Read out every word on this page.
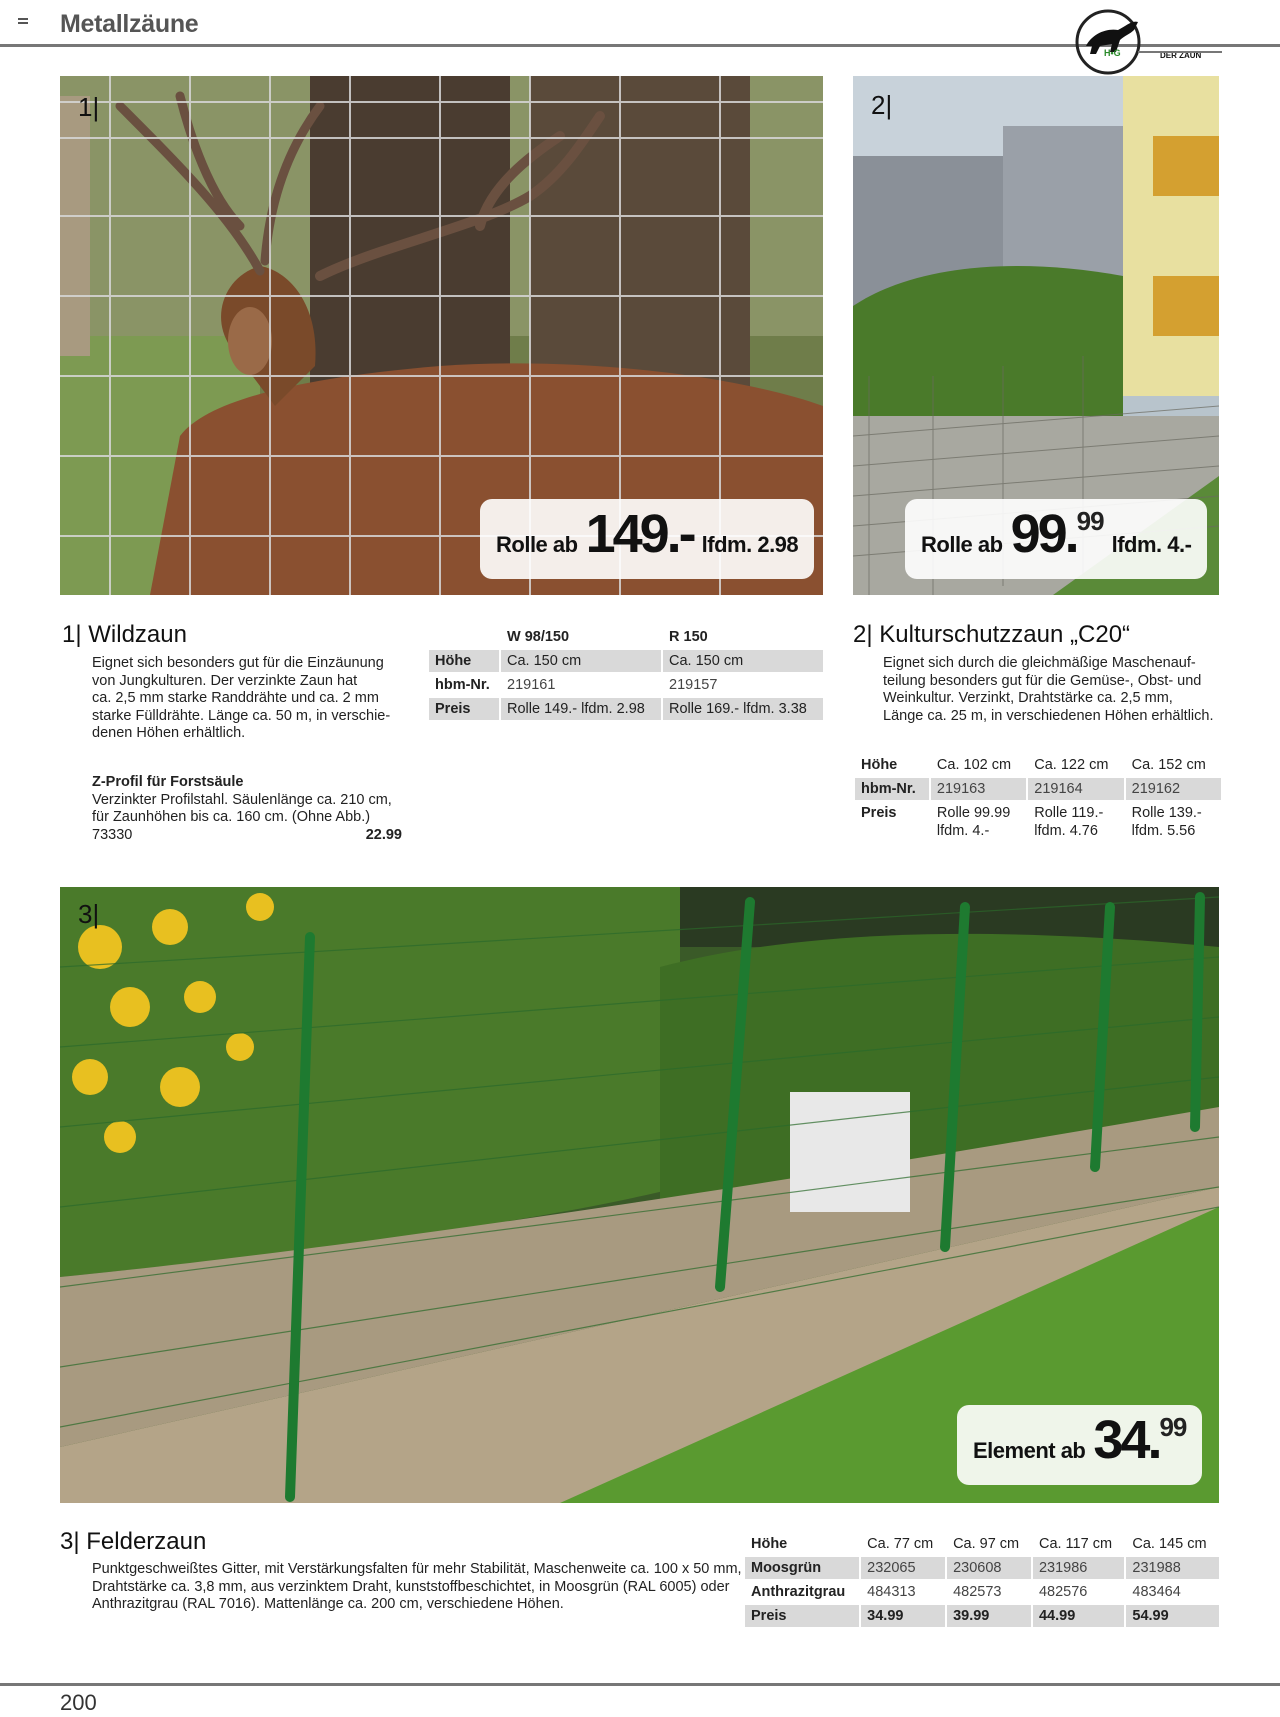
Metallzäune
H•G	DER ZAUN
1|
Rolle ab 149.- lfdm. 2.98
2|
Rolle ab 99. 99
lfdm. 4.-
1| Wildzaun
Eignet sich besonders gut für die Einzäunung
von Jungkulturen. Der verzinkte Zaun hat
ca. 2,5 mm starke Randdrähte und ca. 2 mm
starke Fülldrähte. Länge ca. 50 m, in verschie-
denen Höhen erhältlich.
Z-Profil für Forstsäule
Verzinkter Profilstahl. Säulenlänge ca. 210 cm,
für Zaunhöhen bis ca. 160 cm. (Ohne Abb.)
73330	22.99
	W 98/150	R 150
Höhe	Ca. 150 cm	Ca. 150 cm
hbm-Nr.	219161	219157
Preis	Rolle 149.- lfdm. 2.98	Rolle 169.- lfdm. 3.38
2| Kulturschutzzaun „C20“
Eignet sich durch die gleichmäßige Maschenauf-
teilung besonders gut für die Gemüse-, Obst- und
Weinkultur. Verzinkt, Drahtstärke ca. 2,5 mm,
Länge ca. 25 m, in verschiedenen Höhen erhältlich.
Höhe	Ca. 102 cm	Ca. 122 cm	Ca. 152 cm
hbm-Nr.	219163	219164	219162
Preis	Rolle 99.99	Rolle 119.-	Rolle 139.-
	lfdm. 4.-	lfdm. 4.76	lfdm. 5.56
3|
Element ab 34. 99
3| Felderzaun
Punktgeschweißtes Gitter, mit Verstärkungsfalten für mehr Stabilität, Maschenweite ca. 100 x 50 mm,
Drahtstärke ca. 3,8 mm, aus verzinktem Draht, kunststoffbeschichtet, in Moosgrün (RAL 6005) oder
Anthrazitgrau (RAL 7016). Mattenlänge ca. 200 cm, verschiedene Höhen.
Höhe	Ca. 77 cm	Ca. 97 cm	Ca. 117 cm	Ca. 145 cm
Moosgrün	232065	230608	231986	231988
Anthrazitgrau	484313	482573	482576	483464
Preis	34.99	39.99	44.99	54.99
200
